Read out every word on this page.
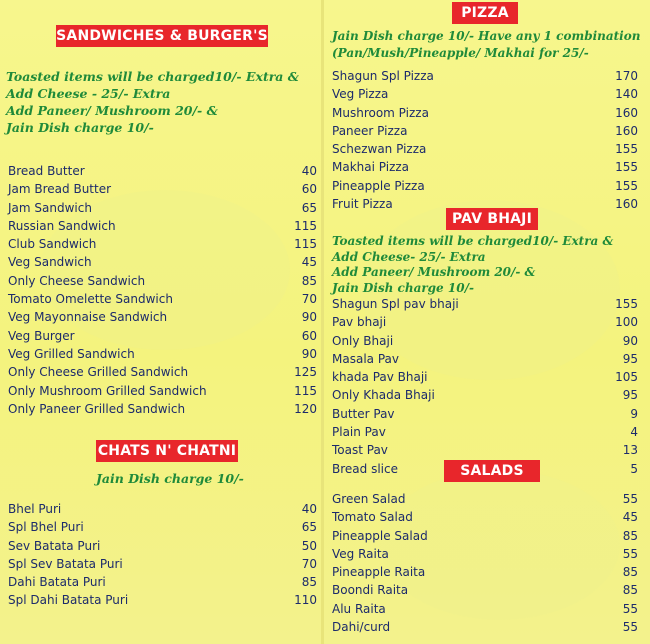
SANDWICHES & BURGER'S
Toasted items will be charged10/- Extra &
Add Cheese - 25/- Extra
Add Paneer/ Mushroom 20/- &
Jain Dish charge 10/-
Bread Butter	40
Jam Bread Butter	60
Jam Sandwich	65
Russian Sandwich	115
Club Sandwich	115
Veg Sandwich	45
Only Cheese Sandwich	85
Tomato Omelette Sandwich	70
Veg Mayonnaise Sandwich	90
Veg Burger	60
Veg Grilled Sandwich	90
Only Cheese Grilled Sandwich	125
Only Mushroom Grilled Sandwich	115
Only Paneer Grilled Sandwich	120
CHATS N' CHATNI
Jain Dish charge 10/-
Bhel Puri	40
Spl Bhel Puri	65
Sev Batata Puri	50
Spl Sev Batata Puri	70
Dahi Batata Puri	85
Spl Dahi Batata Puri	110
PIZZA
Jain Dish charge 10/- Have any 1 combination
(Pan/Mush/Pineapple/ Makhai for 25/-
Shagun Spl Pizza	170
Veg Pizza	140
Mushroom Pizza	160
Paneer Pizza	160
Schezwan Pizza	155
Makhai Pizza	155
Pineapple Pizza	155
Fruit Pizza	160
PAV BHAJI
Toasted items will be charged10/- Extra &
Add Cheese- 25/- Extra
Add Paneer/ Mushroom 20/- &
Jain Dish charge 10/-
Shagun Spl pav bhaji	155
Pav bhaji	100
Only Bhaji	90
Masala Pav	95
khada Pav Bhaji	105
Only Khada Bhaji	95
Butter Pav	9
Plain Pav	4
Toast Pav	13
Bread slice	5
SALADS
Green Salad	55
Tomato Salad	45
Pineapple Salad	85
Veg Raita	55
Pineapple Raita	85
Boondi Raita	85
Alu Raita	55
Dahi/curd	55
